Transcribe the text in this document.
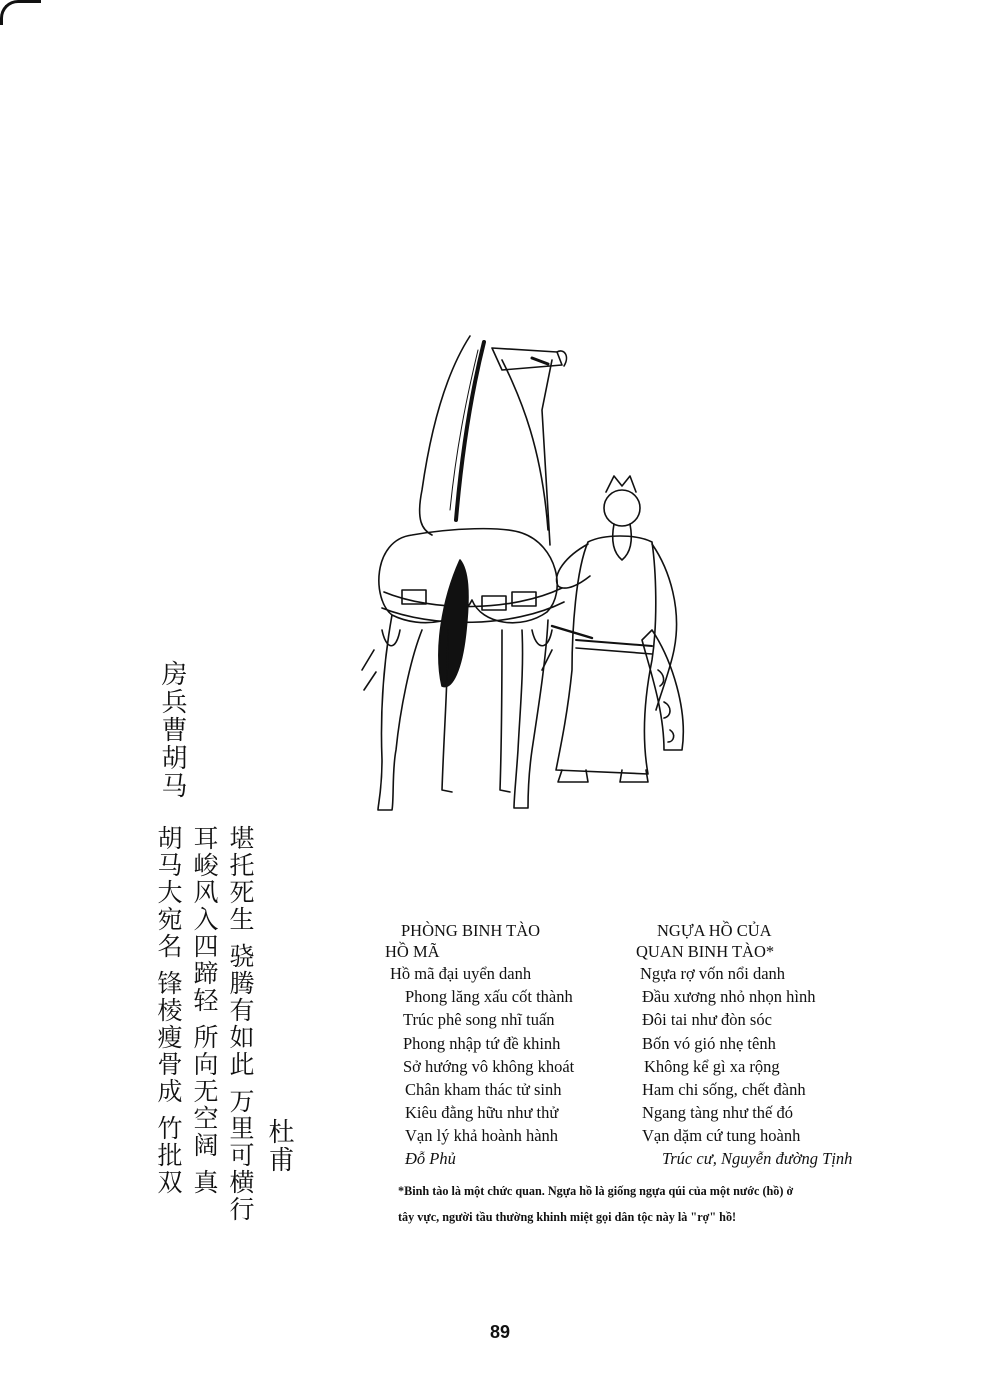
房兵曹胡马

堪托死生 骁腾有如此 万里可横行
耳峻风入四蹄轻 所向无空阔 真
胡马大宛名 锋棱瘦骨成 竹批双	杜甫
PHÒNG BINH TÀO
HỒ MÃ
Hồ mã đại uyển danh
Phong lăng xấu cốt thành
Trúc phê song nhĩ tuấn
Phong nhập tứ đề khinh
Sở hướng vô không khoát
Chân kham thác tử sinh
Kiêu đằng hữu như thử
Vạn lý khả hoành hành
Đỗ Phủ
NGỰA HỒ CỦA
QUAN BINH TÀO*
Ngựa rợ vốn nổi danh
Đầu xương nhỏ nhọn hình
Đôi tai như đòn sóc
Bốn vó gió nhẹ tênh
Không kể gì xa rộng
Ham chi sống, chết đành
Ngang tàng như thế đó
Vạn dặm cứ tung hoành
Trúc cư, Nguyễn đường Tịnh
*Binh tào là một chức quan. Ngựa hồ là giống ngựa qúi của một nước (hồ) ở
tây vực, người tầu thường khinh miệt gọi dân tộc này là "rợ" hồ!
89
